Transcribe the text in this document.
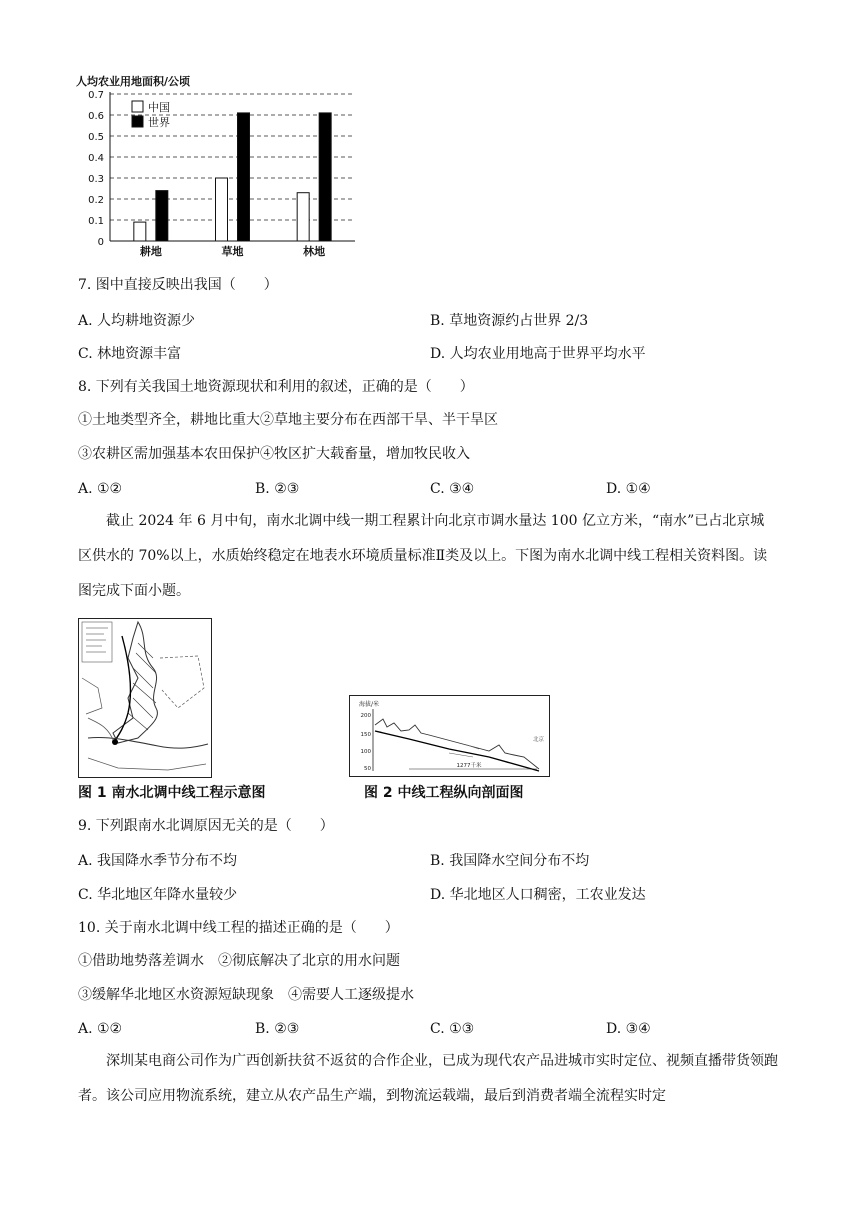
人均农业用地面积/公顷
0
0.1
0.2
0.3
0.4
0.5
0.6
0.7
耕地	草地	林地
中国
世界
7. 图中直接反映出我国（　　）
A. 人均耕地资源少	B. 草地资源约占世界 2/3
C. 林地资源丰富	D. 人均农业用地高于世界平均水平
8. 下列有关我国土地资源现状和利用的叙述，正确的是（　　）
①土地类型齐全，耕地比重大②草地主要分布在西部干旱、半干旱区
③农耕区需加强基本农田保护④牧区扩大载畜量，增加牧民收入
A. ①②	B. ②③	C. ③④	D. ①④
截止 2024 年 6 月中旬，南水北调中线一期工程累计向北京市调水量达 100 亿立方米，“南水”已占北京城区供水的 70%以上，水质始终稳定在地表水环境质量标准Ⅱ类及以上。下图为南水北调中线工程相关资料图。读图完成下面小题。
海拔/米
200
150
100
50	1277千米
北京
图 1 南水北调中线工程示意图	图 2 中线工程纵向剖面图
9. 下列跟南水北调原因无关的是（　　）
A. 我国降水季节分布不均	B. 我国降水空间分布不均
C. 华北地区年降水量较少	D. 华北地区人口稠密，工农业发达
10. 关于南水北调中线工程的描述正确的是（　　）
①借助地势落差调水　②彻底解决了北京的用水问题
③缓解华北地区水资源短缺现象　④需要人工逐级提水
A. ①②	B. ②③	C. ①③	D. ③④
深圳某电商公司作为广西创新扶贫不返贫的合作企业，已成为现代农产品进城市实时定位、视频直播带货领跑者。该公司应用物流系统，建立从农产品生产端，到物流运载端，最后到消费者端全流程实时定
